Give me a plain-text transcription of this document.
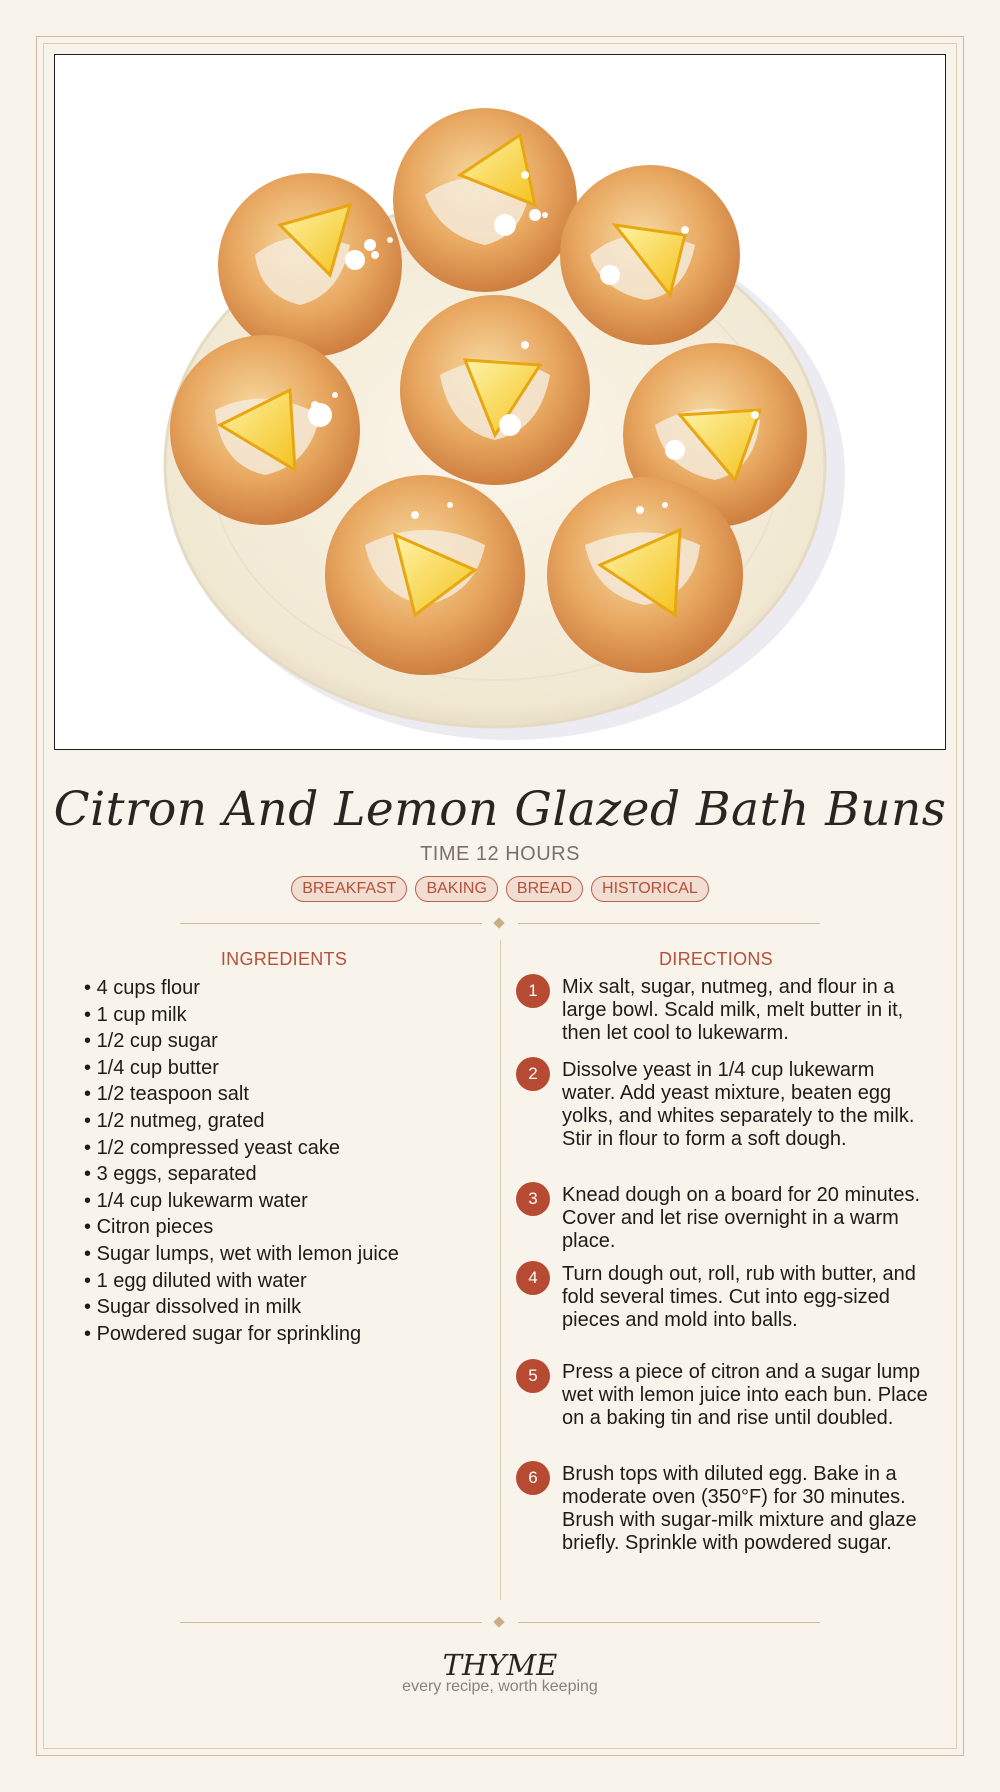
Citron And Lemon Glazed Bath Buns
TIME 12 HOURS
BREAKFAST	BAKING	BREAD	HISTORICAL
INGREDIENTS	DIRECTIONS
• 4 cups flour
• 1 cup milk
• 1/2 cup sugar
• 1/4 cup butter
• 1/2 teaspoon salt
• 1/2 nutmeg, grated
• 1/2 compressed yeast cake
• 3 eggs, separated
• 1/4 cup lukewarm water
• Citron pieces
• Sugar lumps, wet with lemon juice
• 1 egg diluted with water
• Sugar dissolved in milk
• Powdered sugar for sprinkling
1	Mix salt, sugar, nutmeg, and flour in a large bowl. Scald milk, melt butter in it, then let cool to lukewarm.
2	Dissolve yeast in 1/4 cup lukewarm water. Add yeast mixture, beaten egg yolks, and whites separately to the milk. Stir in flour to form a soft dough.
3	Knead dough on a board for 20 minutes. Cover and let rise overnight in a warm place.
4	Turn dough out, roll, rub with butter, and fold several times. Cut into egg-sized pieces and mold into balls.
5	Press a piece of citron and a sugar lump wet with lemon juice into each bun. Place on a baking tin and rise until doubled.
6	Brush tops with diluted egg. Bake in a moderate oven (350°F) for 30 minutes. Brush with sugar-milk mixture and glaze briefly. Sprinkle with powdered sugar.
THYME
every recipe, worth keeping
